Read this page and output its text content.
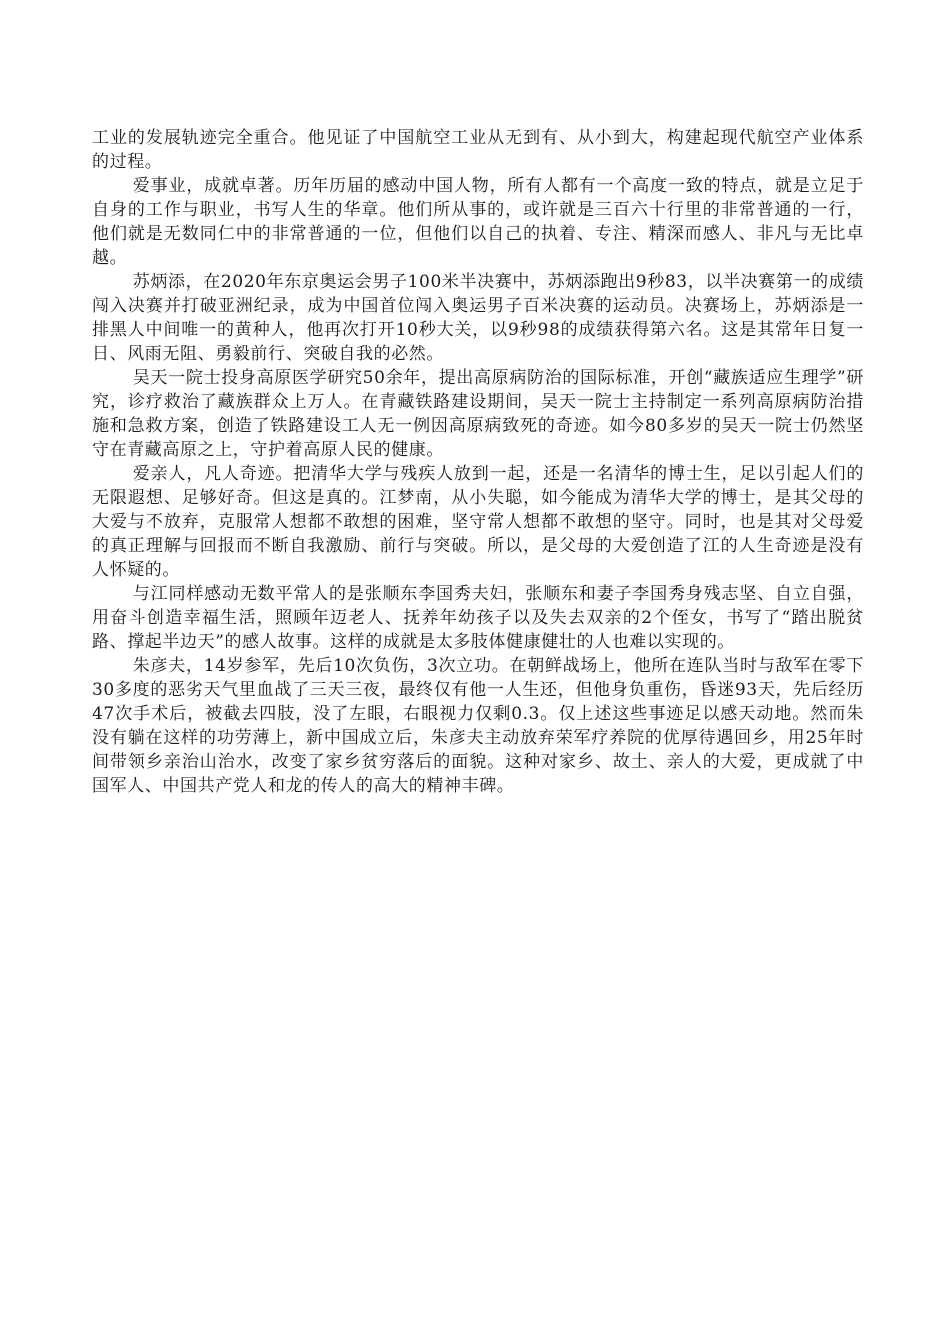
工业的发展轨迹完全重合。他见证了中国航空工业从无到有、从小到大，构建起现代航空产业体系的过程。

爱事业，成就卓著。历年历届的感动中国人物，所有人都有一个高度一致的特点，就是立足于自身的工作与职业，书写人生的华章。他们所从事的，或许就是三百六十行里的非常普通的一行，他们就是无数同仁中的非常普通的一位，但他们以自己的执着、专注、精深而感人、非凡与无比卓越。

苏炳添，在2020年东京奥运会男子100米半决赛中，苏炳添跑出9秒83，以半决赛第一的成绩闯入决赛并打破亚洲纪录，成为中国首位闯入奥运男子百米决赛的运动员。决赛场上，苏炳添是一排黑人中间唯一的黄种人，他再次打开10秒大关，以9秒98的成绩获得第六名。这是其常年日复一日、风雨无阻、勇毅前行、突破自我的必然。

吴天一院士投身高原医学研究50余年，提出高原病防治的国际标准，开创“藏族适应生理学”研究，诊疗救治了藏族群众上万人。在青藏铁路建设期间，吴天一院士主持制定一系列高原病防治措施和急救方案，创造了铁路建设工人无一例因高原病致死的奇迹。如今80多岁的吴天一院士仍然坚守在青藏高原之上，守护着高原人民的健康。

爱亲人，凡人奇迹。把清华大学与残疾人放到一起，还是一名清华的博士生，足以引起人们的无限遐想、足够好奇。但这是真的。江梦南，从小失聪，如今能成为清华大学的博士，是其父母的大爱与不放弃，克服常人想都不敢想的困难，坚守常人想都不敢想的坚守。同时，也是其对父母爱的真正理解与回报而不断自我激励、前行与突破。所以，是父母的大爱创造了江的人生奇迹是没有人怀疑的。

与江同样感动无数平常人的是张顺东李国秀夫妇，张顺东和妻子李国秀身残志坚、自立自强，用奋斗创造幸福生活，照顾年迈老人、抚养年幼孩子以及失去双亲的2个侄女，书写了“踏出脱贫路、撑起半边天”的感人故事。这样的成就是太多肢体健康健壮的人也难以实现的。

朱彦夫，14岁参军，先后10次负伤，3次立功。在朝鲜战场上，他所在连队当时与敌军在零下30多度的恶劣天气里血战了三天三夜，最终仅有他一人生还，但他身负重伤，昏迷93天，先后经历47次手术后，被截去四肢，没了左眼，右眼视力仅剩0.3。仅上述这些事迹足以感天动地。然而朱没有躺在这样的功劳薄上，新中国成立后，朱彦夫主动放弃荣军疗养院的优厚待遇回乡，用25年时间带领乡亲治山治水，改变了家乡贫穷落后的面貌。这种对家乡、故土、亲人的大爱，更成就了中国军人、中国共产党人和龙的传人的高大的精神丰碑。
